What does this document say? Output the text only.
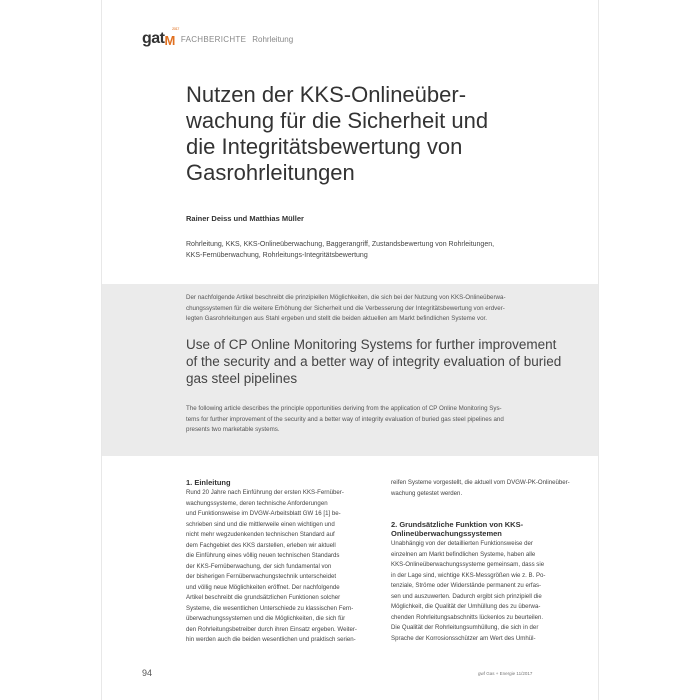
gatM
2017
FACHBERICHTE Rohrleitung
Nutzen der KKS-Onlineüber-
wachung für die Sicherheit und
die Integritätsbewertung von
Gasrohrleitungen
Rainer Deiss und Matthias Müller
Rohrleitung, KKS, KKS-Onlineüberwachung, Baggerangriff, Zustandsbewertung von Rohrleitungen,
KKS-Fernüberwachung, Rohrleitungs-Integritätsbewertung
Der nachfolgende Artikel beschreibt die prinzipiellen Möglichkeiten, die sich bei der Nutzung von KKS-Onlineüberwa-
chungssystemen für die weitere Erhöhung der Sicherheit und die Verbesserung der Integritätsbewertung von erdver-
legten Gasrohrleitungen aus Stahl ergeben und stellt die beiden aktuellen am Markt befindlichen Systeme vor.
Use of CP Online Monitoring Systems for further improvement
of the security and a better way of integrity evaluation of buried
gas steel pipelines
The following article describes the principle opportunities deriving from the application of CP Online Monitoring Sys-
tems for further improvement of the security and a better way of integrity evaluation of buried gas steel pipelines and
presents two marketable systems.
1. Einleitung
Rund 20 Jahre nach Einführung der ersten KKS-Fernüber-
wachungssysteme, deren technische Anforderungen
und Funktionsweise im DVGW-Arbeitsblatt GW 16 [1] be-
schrieben sind und die mittlerweile einen wichtigen und
nicht mehr wegzudenkenden technischen Standard auf
dem Fachgebiet des KKS darstellen, erleben wir aktuell
die Einführung eines völlig neuen technischen Standards
der KKS-Fernüberwachung, der sich fundamental von
der bisherigen Fernüberwachungstechnik unterscheidet
und völlig neue Möglichkeiten eröffnet. Der nachfolgende
Artikel beschreibt die grundsätzlichen Funktionen solcher
Systeme, die wesentlichen Unterschiede zu klassischen Fern-
überwachungssystemen und die Möglichkeiten, die sich für
den Rohrleitungsbetreiber durch ihren Einsatz ergeben. Weiter-
hin werden auch die beiden wesentlichen und praktisch serien-
reifen Systeme vorgestellt, die aktuell vom DVGW-PK-Onlineüber-
wachung getestet werden.
2. Grundsätzliche Funktion von KKS-
Onlineüberwachungssystemen
Unabhängig von der detaillierten Funktionsweise der
einzelnen am Markt befindlichen Systeme, haben alle
KKS-Onlineüberwachungssysteme gemeinsam, dass sie
in der Lage sind, wichtige KKS-Messgrößen wie z. B. Po-
tenziale, Ströme oder Widerstände permanent zu erfas-
sen und auszuwerten. Dadurch ergibt sich prinzipiell die
Möglichkeit, die Qualität der Umhüllung des zu überwa-
chenden Rohrleitungsabschnitts lückenlos zu beurteilen.
Die Qualität der Rohrleitungsumhüllung, die sich in der
Sprache der Korrosionsschützer am Wert des Umhül-
94	gwf Gas + Energie 11/2017
